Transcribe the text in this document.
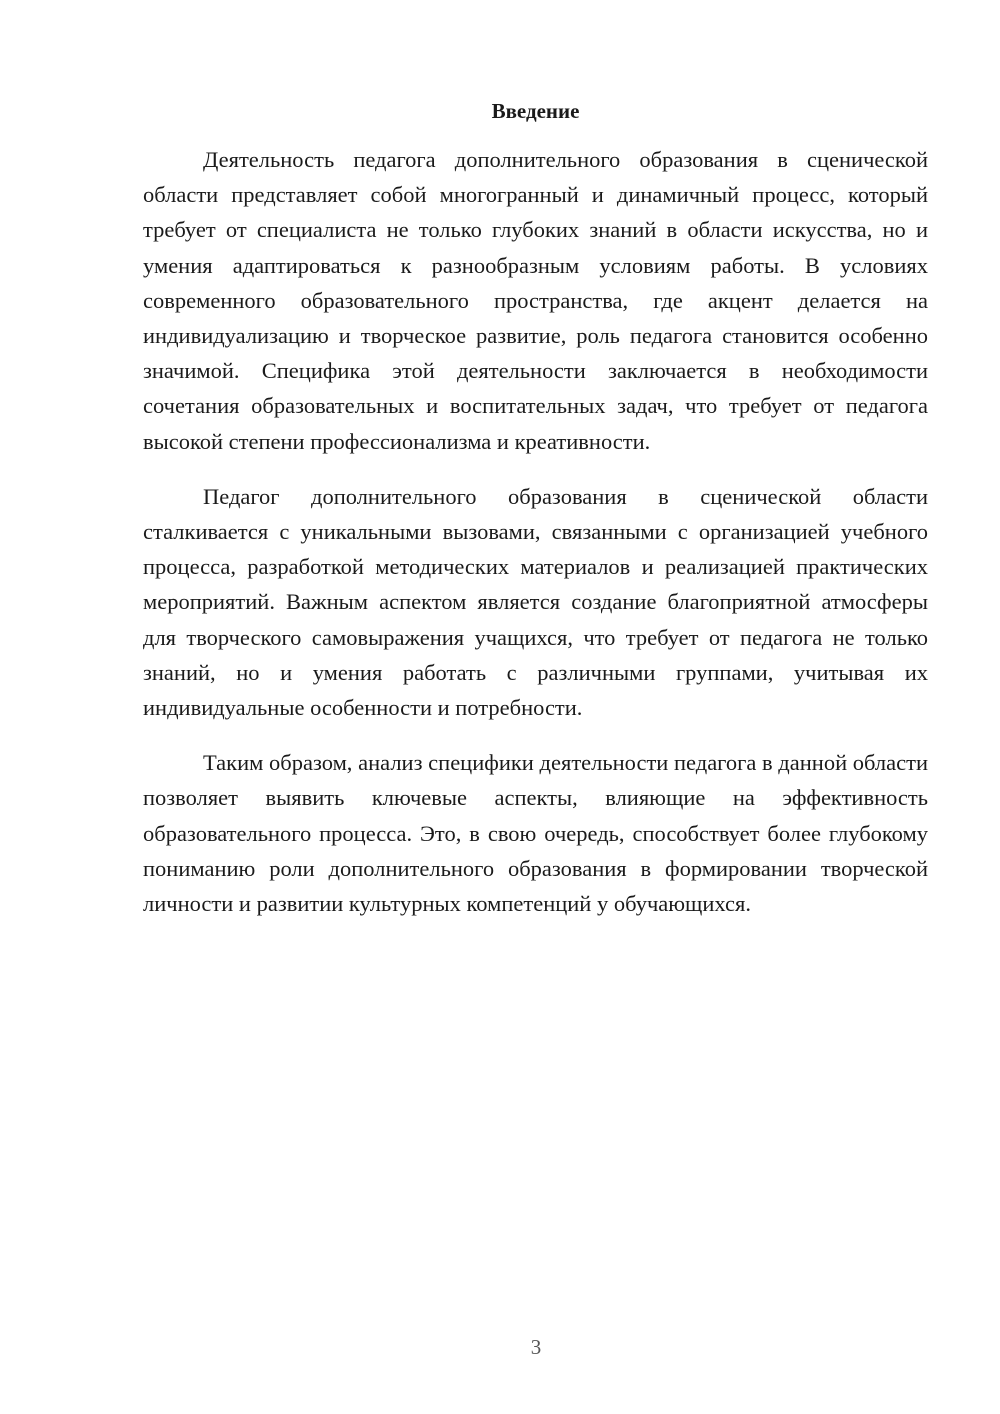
Введение

Деятельность педагога дополнительного образования в сценической области представляет собой многогранный и динамичный процесс, который требует от специалиста не только глубоких знаний в области искусства, но и умения адаптироваться к разнообразным условиям работы. В условиях современного образовательного пространства, где акцент делается на индивидуализацию и творческое развитие, роль педагога становится особенно значимой. Специфика этой деятельности заключается в необходимости сочетания образовательных и воспитательных задач, что требует от педагога высокой степени профессионализма и креативности.

Педагог дополнительного образования в сценической области сталкивается с уникальными вызовами, связанными с организацией учебного процесса, разработкой методических материалов и реализацией практических мероприятий. Важным аспектом является создание благоприятной атмосферы для творческого самовыражения учащихся, что требует от педагога не только знаний, но и умения работать с различными группами, учитывая их индивидуальные особенности и потребности.

Таким образом, анализ специфики деятельности педагога в данной области позволяет выявить ключевые аспекты, влияющие на эффективность образовательного процесса. Это, в свою очередь, способствует более глубокому пониманию роли дополнительного образования в формировании творческой личности и развитии культурных компетенций у обучающихся.

3
